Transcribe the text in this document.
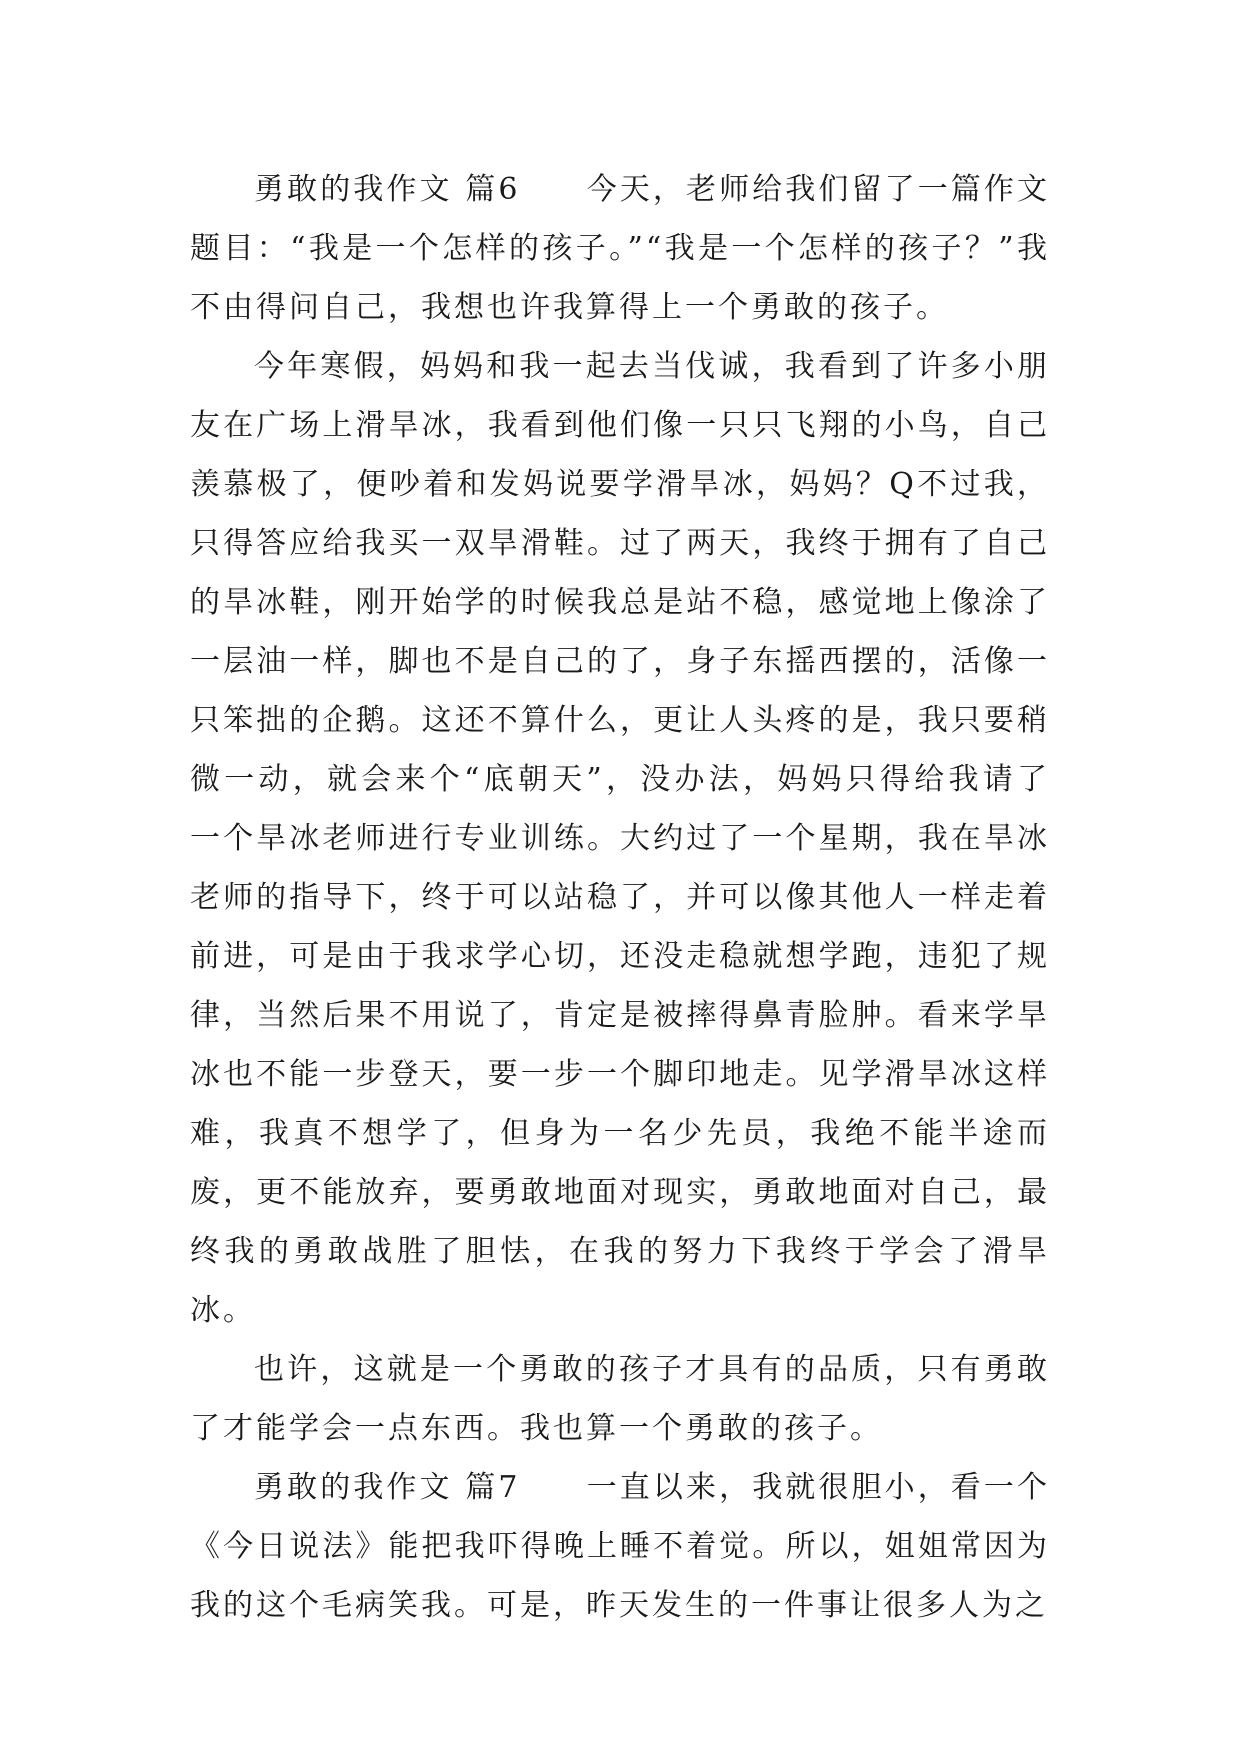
勇敢的我作文 篇6　　今天，老师给我们留了一篇作文题目：“我是一个怎样的孩子。”“我是一个怎样的孩子？”我不由得问自己，我想也许我算得上一个勇敢的孩子。

今年寒假，妈妈和我一起去当伐诚，我看到了许多小朋友在广场上滑旱冰，我看到他们像一只只飞翔的小鸟，自己羡慕极了，便吵着和发妈说要学滑旱冰，妈妈？Q不过我，只得答应给我买一双旱滑鞋。过了两天，我终于拥有了自己的旱冰鞋，刚开始学的时候我总是站不稳，感觉地上像涂了一层油一样，脚也不是自己的了，身子东摇西摆的，活像一只笨拙的企鹅。这还不算什么，更让人头疼的是，我只要稍微一动，就会来个“底朝天”，没办法，妈妈只得给我请了一个旱冰老师进行专业训练。大约过了一个星期，我在旱冰老师的指导下，终于可以站稳了，并可以像其他人一样走着前进，可是由于我求学心切，还没走稳就想学跑，违犯了规律，当然后果不用说了，肯定是被摔得鼻青脸肿。看来学旱冰也不能一步登天，要一步一个脚印地走。见学滑旱冰这样难，我真不想学了，但身为一名少先员，我绝不能半途而废，更不能放弃，要勇敢地面对现实，勇敢地面对自己，最终我的勇敢战胜了胆怯，在我的努力下我终于学会了滑旱冰。

也许，这就是一个勇敢的孩子才具有的品质，只有勇敢了才能学会一点东西。我也算一个勇敢的孩子。

勇敢的我作文 篇7　　一直以来，我就很胆小，看一个《今日说法》能把我吓得晚上睡不着觉。所以，姐姐常因为我的这个毛病笑我。可是，昨天发生的一件事让很多人为之
